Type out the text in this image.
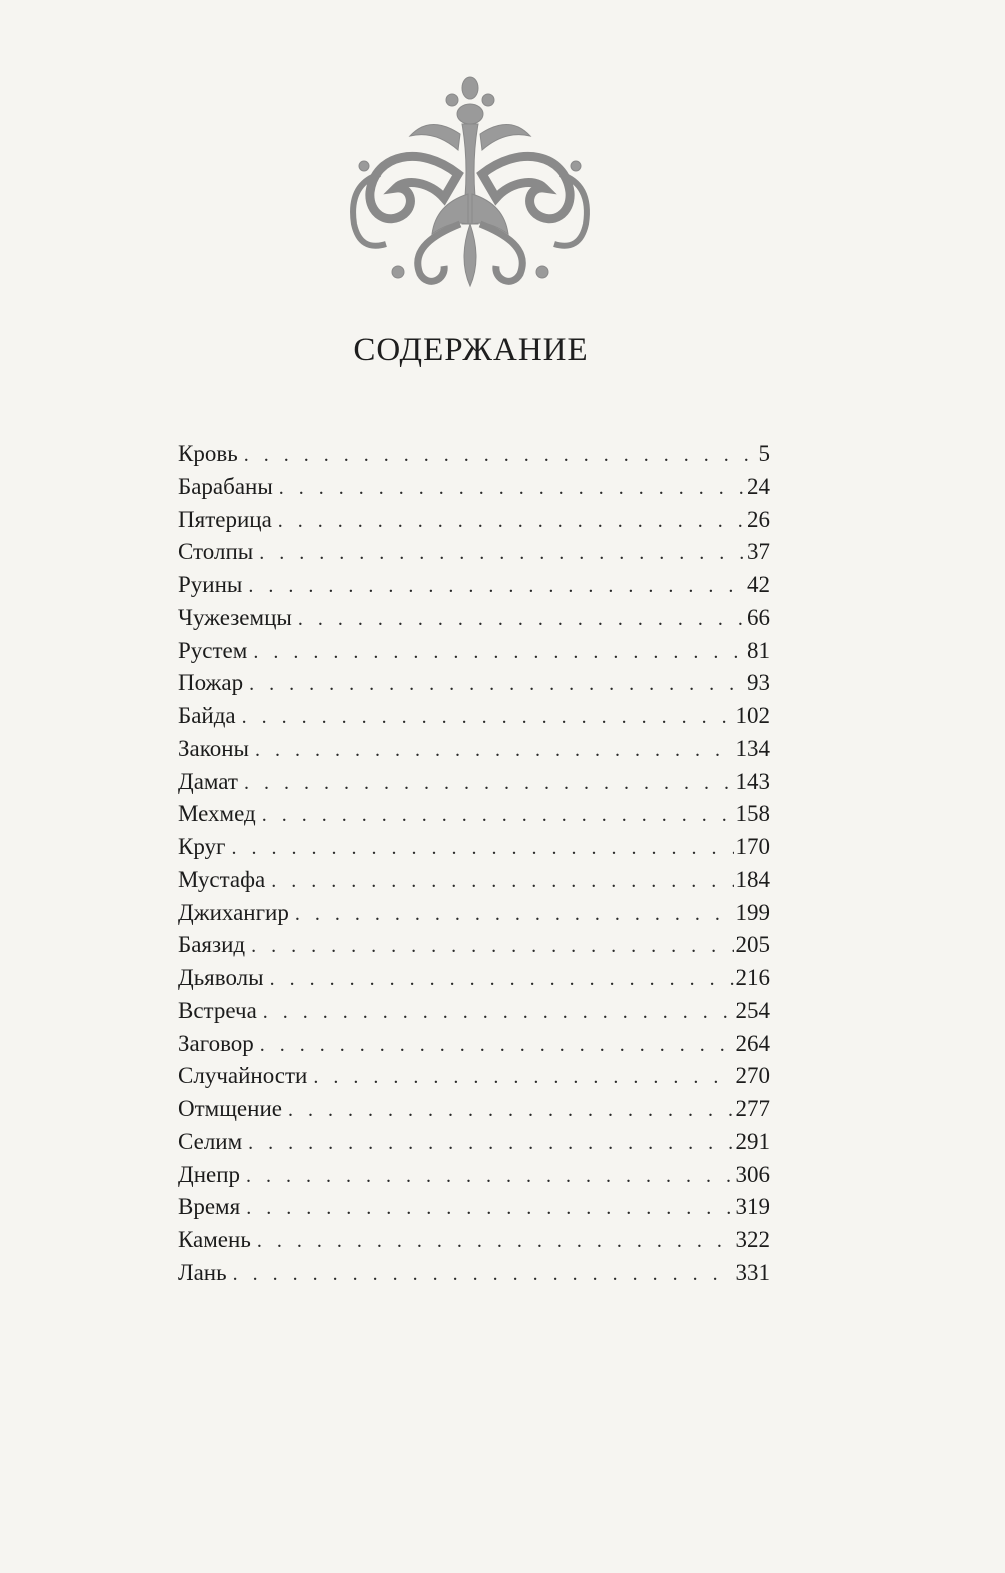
СОДЕРЖАНИЕ
Кровь . . .	5
Барабаны . . .	24
Пятерица . . .	26
Столпы . . .	37
Руины . . .	42
Чужеземцы . . .	66
Рустем . . .	81
Пожар . . .	93
Байда . . .	102
Законы . . .	134
Дамат . . .	143
Мехмед . . .	158
Круг . . .	170
Мустафа . . .	184
Джихангир . . .	199
Баязид . . .	205
Дьяволы . . .	216
Встреча . . .	254
Заговор . . .	264
Случайности . . .	270
Отмщение . . .	277
Селим . . .	291
Днепр . . .	306
Время . . .	319
Камень . . .	322
Лань . . .	331
